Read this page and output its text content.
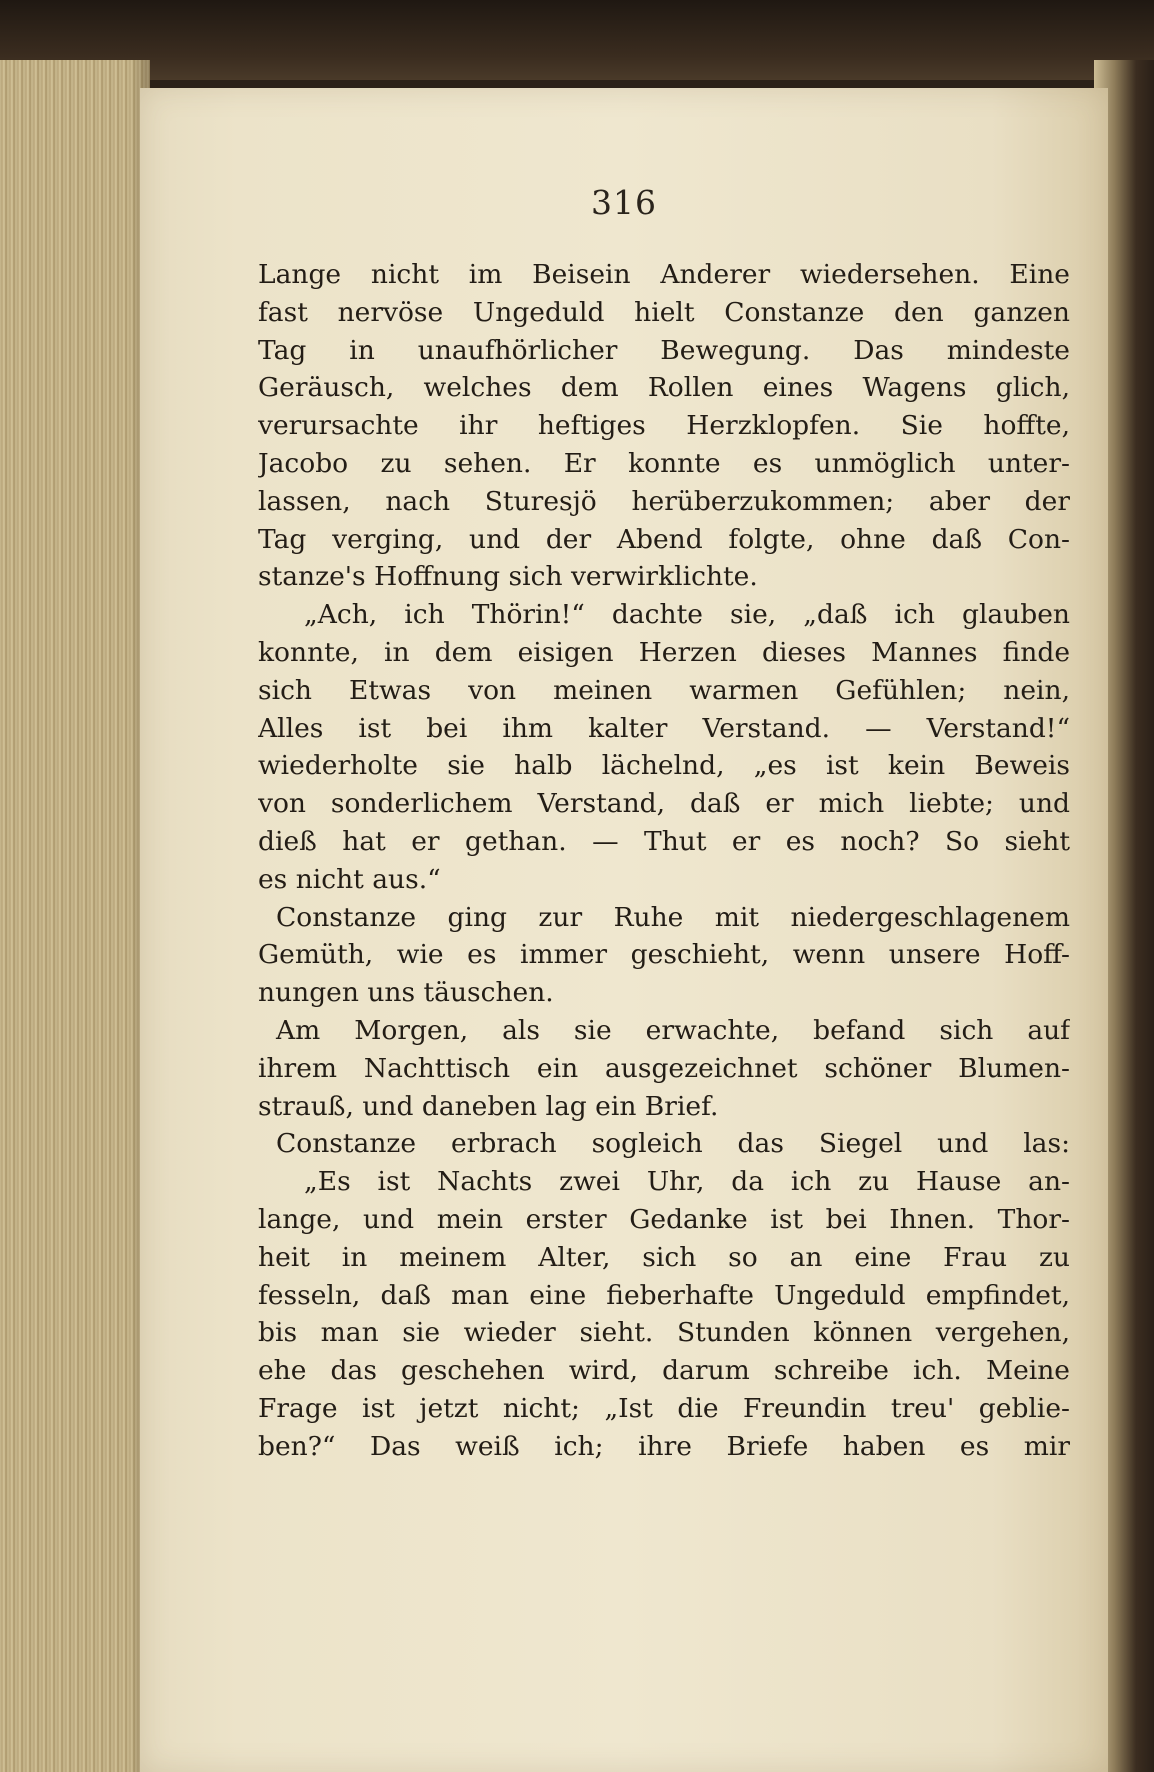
316
Lange nicht im Beisein Anderer wiedersehen. Eine
fast nervöse Ungeduld hielt Constanze den ganzen
Tag in unaufhörlicher Bewegung. Das mindeste
Geräusch, welches dem Rollen eines Wagens glich,
verursachte ihr heftiges Herzklopfen. Sie hoffte,
Jacobo zu sehen. Er konnte es unmöglich unter-
lassen, nach Sturesjö herüberzukommen; aber der
Tag verging, und der Abend folgte, ohne daß Con-
stanze's Hoffnung sich verwirklichte.
„Ach, ich Thörin!“ dachte sie, „daß ich glauben
konnte, in dem eisigen Herzen dieses Mannes finde
sich Etwas von meinen warmen Gefühlen; nein,
Alles ist bei ihm kalter Verstand. — Verstand!“
wiederholte sie halb lächelnd, „es ist kein Beweis
von sonderlichem Verstand, daß er mich liebte; und
dieß hat er gethan. — Thut er es noch? So sieht
es nicht aus.“
Constanze ging zur Ruhe mit niedergeschlagenem
Gemüth, wie es immer geschieht, wenn unsere Hoff-
nungen uns täuschen.
Am Morgen, als sie erwachte, befand sich auf
ihrem Nachttisch ein ausgezeichnet schöner Blumen-
strauß, und daneben lag ein Brief.
Constanze erbrach sogleich das Siegel und las:
„Es ist Nachts zwei Uhr, da ich zu Hause an-
lange, und mein erster Gedanke ist bei Ihnen. Thor-
heit in meinem Alter, sich so an eine Frau zu
fesseln, daß man eine fieberhafte Ungeduld empfindet,
bis man sie wieder sieht. Stunden können vergehen,
ehe das geschehen wird, darum schreibe ich. Meine
Frage ist jetzt nicht; „Ist die Freundin treu' geblie-
ben?“ Das weiß ich; ihre Briefe haben es mir
